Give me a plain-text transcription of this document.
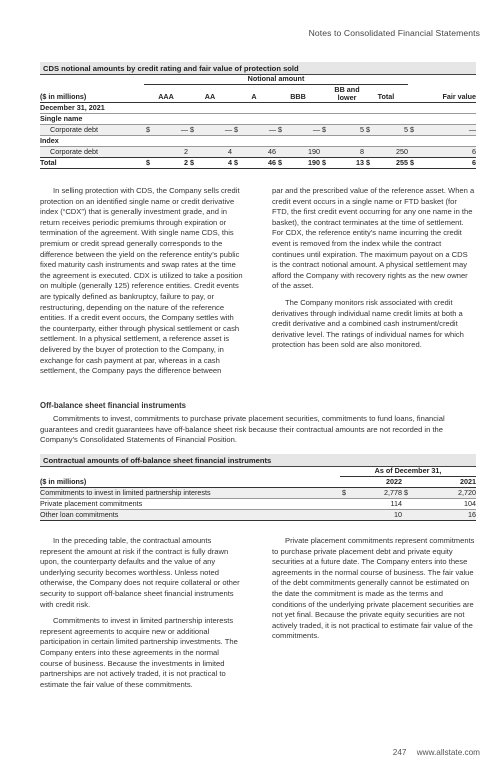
Notes to Consolidated Financial Statements
CDS notional amounts by credit rating and fair value of protection sold
	Notional amount													
($ in millions)	AAA		AA		A		BBB		BB and lower		Total		Fair value	
December 31, 2021														
Single name														
Corporate debt	$	—	$	—	$	—	$	—	$	5	$	5	$	—
Index														
Corporate debt		2		4		46		190		8		250		6
Total	$	2	$	4	$	46	$	190	$	13	$	255	$	6

In selling protection with CDS, the Company sells credit protection on an identified single name or credit derivative index (“CDX”) that is generally investment grade, and in return receives periodic premiums through expiration or termination of the agreement. With single name CDS, this premium or credit spread generally corresponds to the difference between the yield on the reference entity’s public fixed maturity cash instruments and swap rates at the time the agreement is executed. CDX is utilized to take a position on multiple (generally 125) reference entities. Credit events are typically defined as bankruptcy, failure to pay, or restructuring, depending on the nature of the reference entities. If a credit event occurs, the Company settles with the counterparty, either through physical settlement or cash settlement. In a physical settlement, a reference asset is delivered by the buyer of protection to the Company, in exchange for cash payment at par, whereas in a cash settlement, the Company pays the difference between

par and the prescribed value of the reference asset. When a credit event occurs in a single name or FTD basket (for FTD, the first credit event occurring for any one name in the basket), the contract terminates at the time of settlement. For CDX, the reference entity’s name incurring the credit event is removed from the index while the contract continues until expiration. The maximum payout on a CDS is the contract notional amount. A physical settlement may afford the Company with recovery rights as the new owner of the asset.

The Company monitors risk associated with credit derivatives through individual name credit limits at both a credit derivative and a combined cash instrument/credit derivative level. The ratings of individual names for which protection has been sold are also monitored.

Off-balance sheet financial instruments

Commitments to invest, commitments to purchase private placement securities, commitments to fund loans, financial guarantees and credit guarantees have off-balance sheet risk because their contractual amounts are not recorded in the Company’s Consolidated Statements of Financial Position.

Contractual amounts of off-balance sheet financial instruments
	As of December 31,			
($ in millions)	2022		2021	
Commitments to invest in limited partnership interests	$	2,778	$	2,720
Private placement commitments		114		104
Other loan commitments		10		16

In the preceding table, the contractual amounts represent the amount at risk if the contract is fully drawn upon, the counterparty defaults and the value of any underlying security becomes worthless. Unless noted otherwise, the Company does not require collateral or other security to support off-balance sheet financial instruments with credit risk.

Commitments to invest in limited partnership interests represent agreements to acquire new or additional participation in certain limited partnership investments. The Company enters into these agreements in the normal course of business. Because the investments in limited partnerships are not actively traded, it is not practical to estimate the fair value of these commitments.

Private placement commitments represent commitments to purchase private placement debt and private equity securities at a future date. The Company enters into these agreements in the normal course of business. The fair value of the debt commitments generally cannot be estimated on the date the commitment is made as the terms and conditions of the underlying private placement securities are not yet final. Because the private equity securities are not actively traded, it is not practical to estimate fair value of the commitments.

247 www.allstate.com
